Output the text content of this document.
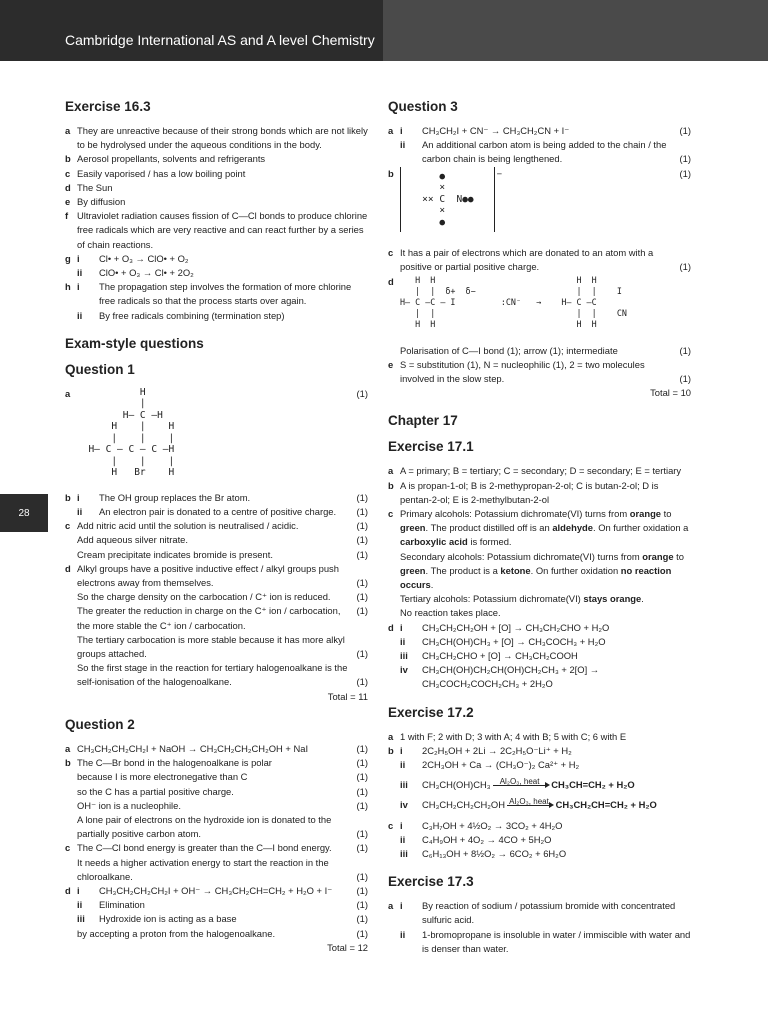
Cambridge International AS and A level Chemistry
28
Exercise 16.3
a They are unreactive because of their strong bonds which are not likely to be hydrolysed under the aqueous conditions in the body.
b Aerosol propellants, solvents and refrigerants
c Easily vaporised / has a low boiling point
d The Sun
e By diffusion
f Ultraviolet radiation causes fission of C—Cl bonds to produce chlorine free radicals which are very reactive and can react further by a series of chain reactions.
g i	Cl• + O₃ → ClO• + O₂
ii	ClO• + O₃ → Cl• + 2O₂
h i	The propagation step involves the formation of more chlorine free radicals so that the process starts over again.
ii	By free radicals combining (termination step)
Exam-style questions
Question 1
a	H
|
H— C —H
H    |    H
|    |    |
H— C — C — C —H
|    |    |
H   Br    H
(1)
b i	The OH group replaces the Br atom.	(1)
ii	An electron pair is donated to a centre of positive charge.	(1)
c Add nitric acid until the solution is neutralised / acidic.	(1)
Add aqueous silver nitrate.	(1)
Cream precipitate indicates bromide is present.	(1)
d Alkyl groups have a positive inductive effect / alkyl groups push electrons away from themselves.	(1)
So the charge density on the carbocation / C⁺ ion is reduced.	(1)
The greater the reduction in charge on the C⁺ ion / carbocation, the more stable the C⁺ ion / carbocation.
(1)
The tertiary carbocation is more stable because it has more alkyl groups attached.	(1)
So the first stage in the reaction for tertiary halogenoalkane is the self-ionisation of the halogenoalkane.	(1)
Total = 11
Question 2
a CH₃CH₂CH₂CH₂I + NaOH → CH₃CH₂CH₂CH₂OH + NaI	(1)
b The C—Br bond in the halogenoalkane is polar	(1)
because I is more electronegative than C	(1)
so the C has a partial positive charge.	(1)
OH⁻ ion is a nucleophile.	(1)
A lone pair of electrons on the hydroxide ion is donated to the partially positive carbon atom.	(1)
c The C—Cl bond energy is greater than the C—I bond energy.	(1)
It needs a higher activation energy to start the reaction in the chloroalkane.	(1)
d i	CH₃CH₂CH₂CH₂I + OH⁻ → CH₃CH₂CH=CH₂ + H₂O + I⁻	(1)
ii	Elimination	(1)
iii	Hydroxide ion is acting as a base	(1)
by accepting a proton from the halogenoalkane.	(1)
Total = 12
Question 3
a i	CH₃CH₂I + CN⁻ → CH₃CH₂CN + I⁻	(1)
ii	An additional carbon atom is being added to the chain / the carbon chain is being lengthened.	(1)
b	●
×
×× C  N●●
×
●
−	(1)
c It has a pair of electrons which are donated to an atom with a positive or partial positive charge.	(1)
d	H  H                            H  H
|  |  δ+  δ−                    |  |    I
H— C —C — I         :CN⁻   →    H— C —C
|  |                            |  |    CN
H  H                            H  H
Polarisation of C—I bond (1); arrow (1); intermediate	(1)
e S = substitution (1), N = nucleophilic (1), 2 = two molecules involved in the slow step.	(1)
Total = 10
Chapter 17
Exercise 17.1
a A = primary; B = tertiary; C = secondary; D = secondary; E = tertiary
b A is propan-1-ol; B is 2-methypropan-2-ol; C is butan-2-ol; D is pentan-2-ol; E is 2-methylbutan-2-ol
c Primary alcohols: Potassium dichromate(VI) turns from orange to green. The product distilled off is an aldehyde. On further oxidation a carboxylic acid is formed.
Secondary alcohols: Potassium dichromate(VI) turns from orange to green. The product is a ketone. On further oxidation no reaction occurs.
Tertiary alcohols: Potassium dichromate(VI) stays orange.
No reaction takes place.
d i	CH₃CH₂CH₂OH + [O] → CH₃CH₂CHO + H₂O
ii	CH₃CH(OH)CH₃ + [O] → CH₃COCH₃ + H₂O
iii	CH₃CH₂CHO + [O] → CH₃CH₂COOH
iv	CH₃CH(OH)CH₂CH(OH)CH₂CH₃ + 2[O] → CH₃COCH₂COCH₂CH₃ + 2H₂O
Exercise 17.2
a 1 with F; 2 with D; 3 with A; 4 with B; 5 with C; 6 with E
b i	2C₂H₅OH + 2Li → 2C₂H₅O⁻Li⁺ + H₂
ii	2CH₃OH + Ca → (CH₃O⁻)₂ Ca²⁺ + H₂
iii	CH₃CH(OH)CH₃	Al₂O₃, heat	CH₃CH=CH₂ + H₂O
iv	CH₃CH₂CH₂CH₂OH Al₂O₃, heat CH₃CH₂CH=CH₂ + H₂O
c i	C₃H₇OH + 4½O₂ → 3CO₂ + 4H₂O
ii	C₄H₉OH + 4O₂ → 4CO + 5H₂O
iii	C₆H₁₃OH + 8½O₂ → 6CO₂ + 6H₂O
Exercise 17.3
a i	By reaction of sodium / potassium bromide with concentrated sulfuric acid.
ii	1-bromopropane is insoluble in water / immiscible with water and is denser than water.
